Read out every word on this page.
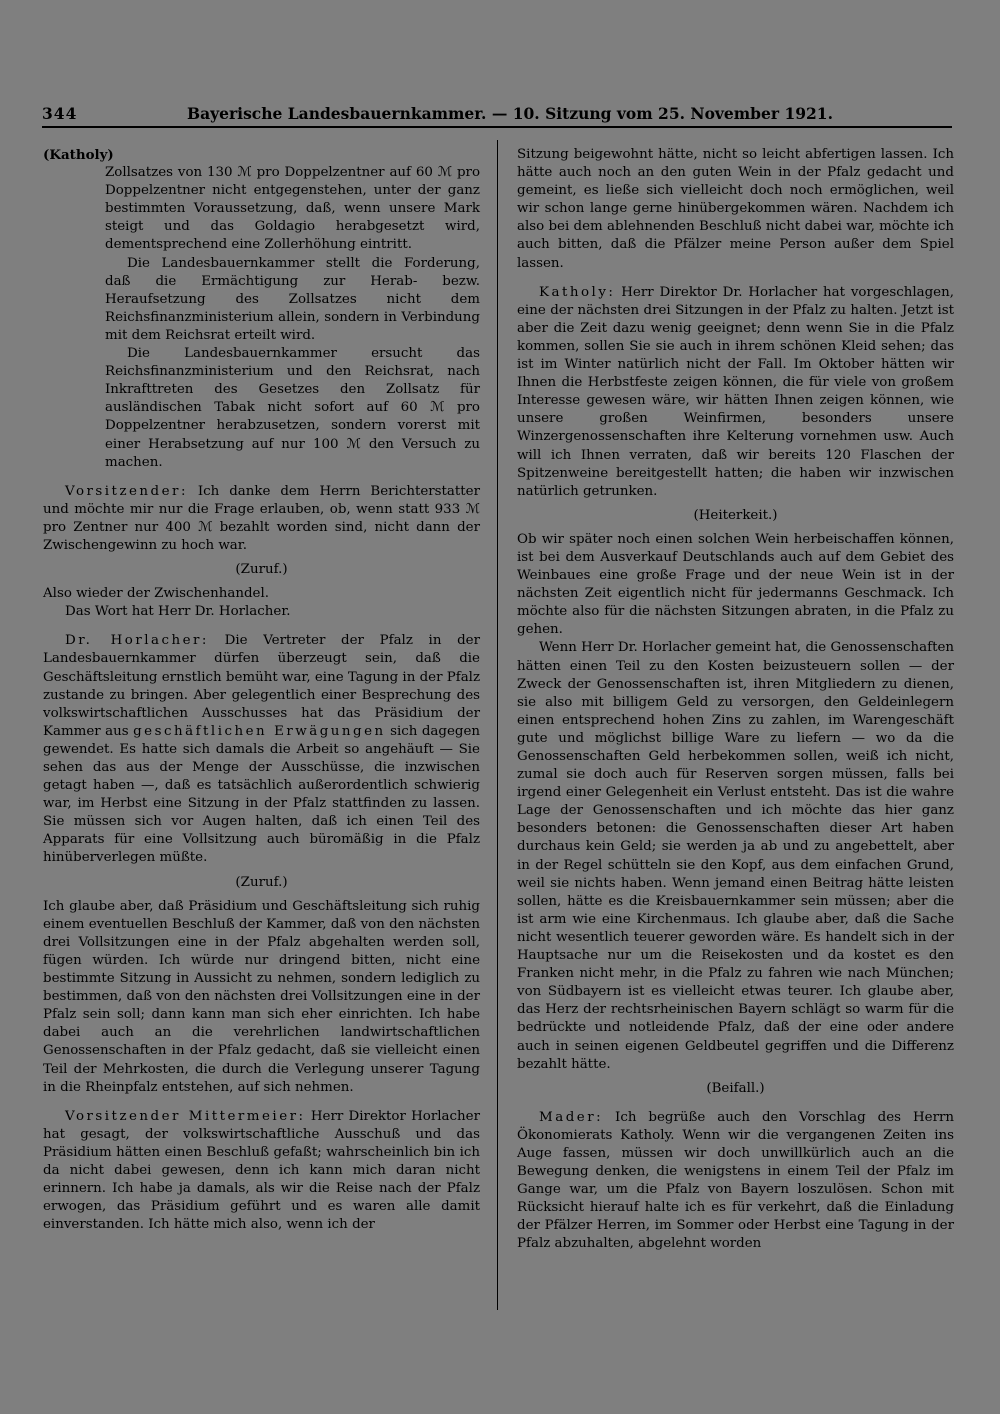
344	Bayerische Landesbauernkammer. — 10. Sitzung vom 25. November 1921.

(Katholy)

Zollsatzes von 130 ℳ pro Doppelzentner auf 60 ℳ pro Doppelzentner nicht entgegenstehen, unter der ganz bestimmten Voraussetzung, daß, wenn unsere Mark steigt und das Goldagio herabgesetzt wird, dementsprechend eine Zollerhöhung eintritt.

Die Landesbauernkammer stellt die Forderung, daß die Ermächtigung zur Herab- bezw. Heraufsetzung des Zollsatzes nicht dem Reichsfinanzministerium allein, sondern in Verbindung mit dem Reichsrat erteilt wird.

Die Landesbauernkammer ersucht das Reichsfinanzministerium und den Reichsrat, nach Inkrafttreten des Gesetzes den Zollsatz für ausländischen Tabak nicht sofort auf 60 ℳ pro Doppelzentner herabzusetzen, sondern vorerst mit einer Herabsetzung auf nur 100 ℳ den Versuch zu machen.

Vorsitzender: Ich danke dem Herrn Berichterstatter und möchte mir nur die Frage erlauben, ob, wenn statt 933 ℳ pro Zentner nur 400 ℳ bezahlt worden sind, nicht dann der Zwischengewinn zu hoch war.

(Zuruf.)

Also wieder der Zwischenhandel.

Das Wort hat Herr Dr. Horlacher.

Dr. Horlacher: Die Vertreter der Pfalz in der Landesbauernkammer dürfen überzeugt sein, daß die Geschäftsleitung ernstlich bemüht war, eine Tagung in der Pfalz zustande zu bringen. Aber gelegentlich einer Besprechung des volkswirtschaftlichen Ausschusses hat das Präsidium der Kammer aus geschäftlichen Erwägungen sich dagegen gewendet. Es hatte sich damals die Arbeit so angehäuft — Sie sehen das aus der Menge der Ausschüsse, die inzwischen getagt haben —, daß es tatsächlich außerordentlich schwierig war, im Herbst eine Sitzung in der Pfalz stattfinden zu lassen. Sie müssen sich vor Augen halten, daß ich einen Teil des Apparats für eine Vollsitzung auch büromäßig in die Pfalz hinüberverlegen müßte.

(Zuruf.)

Ich glaube aber, daß Präsidium und Geschäftsleitung sich ruhig einem eventuellen Beschluß der Kammer, daß von den nächsten drei Vollsitzungen eine in der Pfalz abgehalten werden soll, fügen würden. Ich würde nur dringend bitten, nicht eine bestimmte Sitzung in Aussicht zu nehmen, sondern lediglich zu bestimmen, daß von den nächsten drei Vollsitzungen eine in der Pfalz sein soll; dann kann man sich eher einrichten. Ich habe dabei auch an die verehrlichen landwirtschaftlichen Genossenschaften in der Pfalz gedacht, daß sie vielleicht einen Teil der Mehrkosten, die durch die Verlegung unserer Tagung in die Rheinpfalz entstehen, auf sich nehmen.

Vorsitzender Mittermeier: Herr Direktor Horlacher hat gesagt, der volkswirtschaftliche Ausschuß und das Präsidium hätten einen Beschluß gefaßt; wahrscheinlich bin ich da nicht dabei gewesen, denn ich kann mich daran nicht erinnern. Ich habe ja damals, als wir die Reise nach der Pfalz erwogen, das Präsidium geführt und es waren alle damit einverstanden. Ich hätte mich also, wenn ich der

Sitzung beigewohnt hätte, nicht so leicht abfertigen lassen. Ich hätte auch noch an den guten Wein in der Pfalz gedacht und gemeint, es ließe sich vielleicht doch noch ermöglichen, weil wir schon lange gerne hinübergekommen wären. Nachdem ich also bei dem ablehnenden Beschluß nicht dabei war, möchte ich auch bitten, daß die Pfälzer meine Person außer dem Spiel lassen.

Katholy: Herr Direktor Dr. Horlacher hat vorgeschlagen, eine der nächsten drei Sitzungen in der Pfalz zu halten. Jetzt ist aber die Zeit dazu wenig geeignet; denn wenn Sie in die Pfalz kommen, sollen Sie sie auch in ihrem schönen Kleid sehen; das ist im Winter natürlich nicht der Fall. Im Oktober hätten wir Ihnen die Herbstfeste zeigen können, die für viele von großem Interesse gewesen wäre, wir hätten Ihnen zeigen können, wie unsere großen Weinfirmen, besonders unsere Winzergenossenschaften ihre Kelterung vornehmen usw. Auch will ich Ihnen verraten, daß wir bereits 120 Flaschen der Spitzenweine bereitgestellt hatten; die haben wir inzwischen natürlich getrunken.

(Heiterkeit.)

Ob wir später noch einen solchen Wein herbeischaffen können, ist bei dem Ausverkauf Deutschlands auch auf dem Gebiet des Weinbaues eine große Frage und der neue Wein ist in der nächsten Zeit eigentlich nicht für jedermanns Geschmack. Ich möchte also für die nächsten Sitzungen abraten, in die Pfalz zu gehen.

Wenn Herr Dr. Horlacher gemeint hat, die Genossenschaften hätten einen Teil zu den Kosten beizusteuern sollen — der Zweck der Genossenschaften ist, ihren Mitgliedern zu dienen, sie also mit billigem Geld zu versorgen, den Geldeinlegern einen entsprechend hohen Zins zu zahlen, im Warengeschäft gute und möglichst billige Ware zu liefern — wo da die Genossenschaften Geld herbekommen sollen, weiß ich nicht, zumal sie doch auch für Reserven sorgen müssen, falls bei irgend einer Gelegenheit ein Verlust entsteht. Das ist die wahre Lage der Genossenschaften und ich möchte das hier ganz besonders betonen: die Genossenschaften dieser Art haben durchaus kein Geld; sie werden ja ab und zu angebettelt, aber in der Regel schütteln sie den Kopf, aus dem einfachen Grund, weil sie nichts haben. Wenn jemand einen Beitrag hätte leisten sollen, hätte es die Kreisbauernkammer sein müssen; aber die ist arm wie eine Kirchenmaus. Ich glaube aber, daß die Sache nicht wesentlich teuerer geworden wäre. Es handelt sich in der Hauptsache nur um die Reisekosten und da kostet es den Franken nicht mehr, in die Pfalz zu fahren wie nach München; von Südbayern ist es vielleicht etwas teurer. Ich glaube aber, das Herz der rechtsrheinischen Bayern schlägt so warm für die bedrückte und notleidende Pfalz, daß der eine oder andere auch in seinen eigenen Geldbeutel gegriffen und die Differenz bezahlt hätte.

(Beifall.)

Mader: Ich begrüße auch den Vorschlag des Herrn Ökonomierats Katholy. Wenn wir die vergangenen Zeiten ins Auge fassen, müssen wir doch unwillkürlich auch an die Bewegung denken, die wenigstens in einem Teil der Pfalz im Gange war, um die Pfalz von Bayern loszulösen. Schon mit Rücksicht hierauf halte ich es für verkehrt, daß die Einladung der Pfälzer Herren, im Sommer oder Herbst eine Tagung in der Pfalz abzuhalten, abgelehnt worden
